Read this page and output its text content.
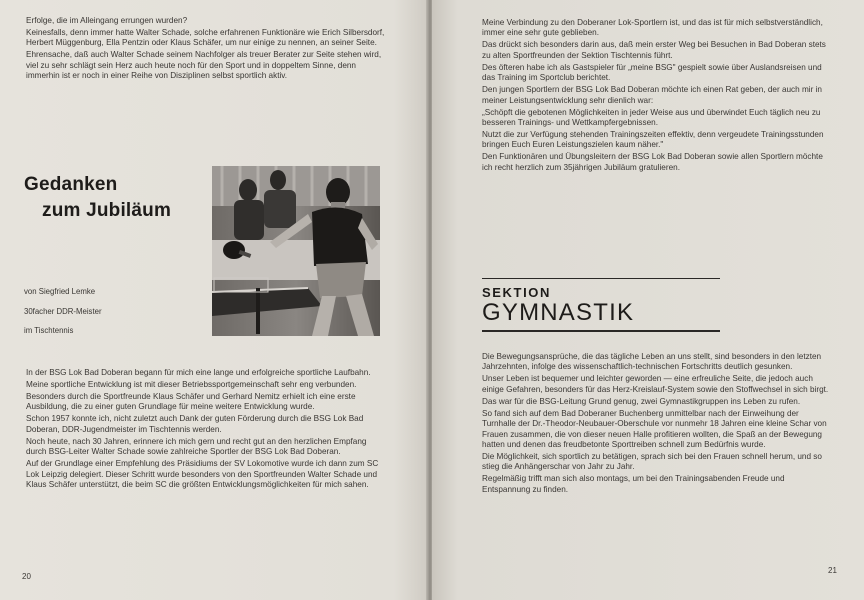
Erfolge, die im Alleingang errungen wurden?

Keinesfalls, denn immer hatte Walter Schade, solche erfahrenen Funktionäre wie Erich Silbersdorf, Herbert Müggenburg, Ella Pentzin oder Klaus Schäfer, um nur einige zu nennen, an seiner Seite.

Ehrensache, daß auch Walter Schade seinem Nachfolger als treuer Berater zur Seite stehen wird, viel zu sehr schlägt sein Herz auch heute noch für den Sport und in doppeltem Sinne, denn immerhin ist er noch in einer Reihe von Disziplinen selbst sportlich aktiv.

Gedanken
zum Jubiläum
von Siegfried Lemke
30facher DDR-Meister
im Tischtennis

In der BSG Lok Bad Doberan begann für mich eine lange und erfolgreiche sportliche Laufbahn.

Meine sportliche Entwicklung ist mit dieser Betriebssportgemeinschaft sehr eng verbunden.

Besonders durch die Sportfreunde Klaus Schäfer und Gerhard Nemitz erhielt ich eine erste Ausbildung, die zu einer guten Grundlage für meine weitere Entwicklung wurde.

Schon 1957 konnte ich, nicht zuletzt auch Dank der guten Förderung durch die BSG Lok Bad Doberan, DDR-Jugendmeister im Tischtennis werden.

Noch heute, nach 30 Jahren, erinnere ich mich gern und recht gut an den herzlichen Empfang durch BSG-Leiter Walter Schade sowie zahlreiche Sportler der BSG Lok Bad Doberan.

Auf der Grundlage einer Empfehlung des Präsidiums der SV Lokomotive wurde ich dann zum SC Lok Leipzig delegiert. Dieser Schritt wurde besonders von den Sportfreunden Walter Schade und Klaus Schäfer unterstützt, die beim SC die größten Entwicklungsmöglichkeiten für mich sahen.

20

Meine Verbindung zu den Doberaner Lok-Sportlern ist, und das ist für mich selbstverständlich, immer eine sehr gute geblieben.

Das drückt sich besonders darin aus, daß mein erster Weg bei Besuchen in Bad Doberan stets zu alten Sportfreunden der Sektion Tischtennis führt.

Des öfteren habe ich als Gastspieler für „meine BSG" gespielt sowie über Auslandsreisen und das Training im Sportclub berichtet.

Den jungen Sportlern der BSG Lok Bad Doberan möchte ich einen Rat geben, der auch mir in meiner Leistungsentwicklung sehr dienlich war:

„Schöpft die gebotenen Möglichkeiten in jeder Weise aus und überwindet Euch täglich neu zu besseren Trainings- und Wettkampfergebnissen.

Nutzt die zur Verfügung stehenden Trainingszeiten effektiv, denn vergeudete Trainingsstunden bringen Euch Euren Leistungszielen kaum näher."

Den Funktionären und Übungsleitern der BSG Lok Bad Doberan sowie allen Sportlern möchte ich recht herzlich zum 35jährigen Jubiläum gratulieren.

SEKTION
GYMNASTIK

Die Bewegungsansprüche, die das tägliche Leben an uns stellt, sind besonders in den letzten Jahrzehnten, infolge des wissenschaftlich-technischen Fortschritts deutlich gesunken.

Unser Leben ist bequemer und leichter geworden — eine erfreuliche Seite, die jedoch auch einige Gefahren, besonders für das Herz-Kreislauf-System sowie den Stoffwechsel in sich birgt.

Das war für die BSG-Leitung Grund genug, zwei Gymnastikgruppen ins Leben zu rufen.

So fand sich auf dem Bad Doberaner Buchenberg unmittelbar nach der Einweihung der Turnhalle der Dr.-Theodor-Neubauer-Oberschule vor nunmehr 18 Jahren eine kleine Schar von Frauen zusammen, die von dieser neuen Halle profitieren wollten, die Spaß an der Bewegung hatten und denen das freudbetonte Sporttreiben schnell zum Bedürfnis wurde.

Die Möglichkeit, sich sportlich zu betätigen, sprach sich bei den Frauen schnell herum, und so stieg die Anhängerschar von Jahr zu Jahr.

Regelmäßig trifft man sich also montags, um bei den Trainingsabenden Freude und Entspannung zu finden.

21
